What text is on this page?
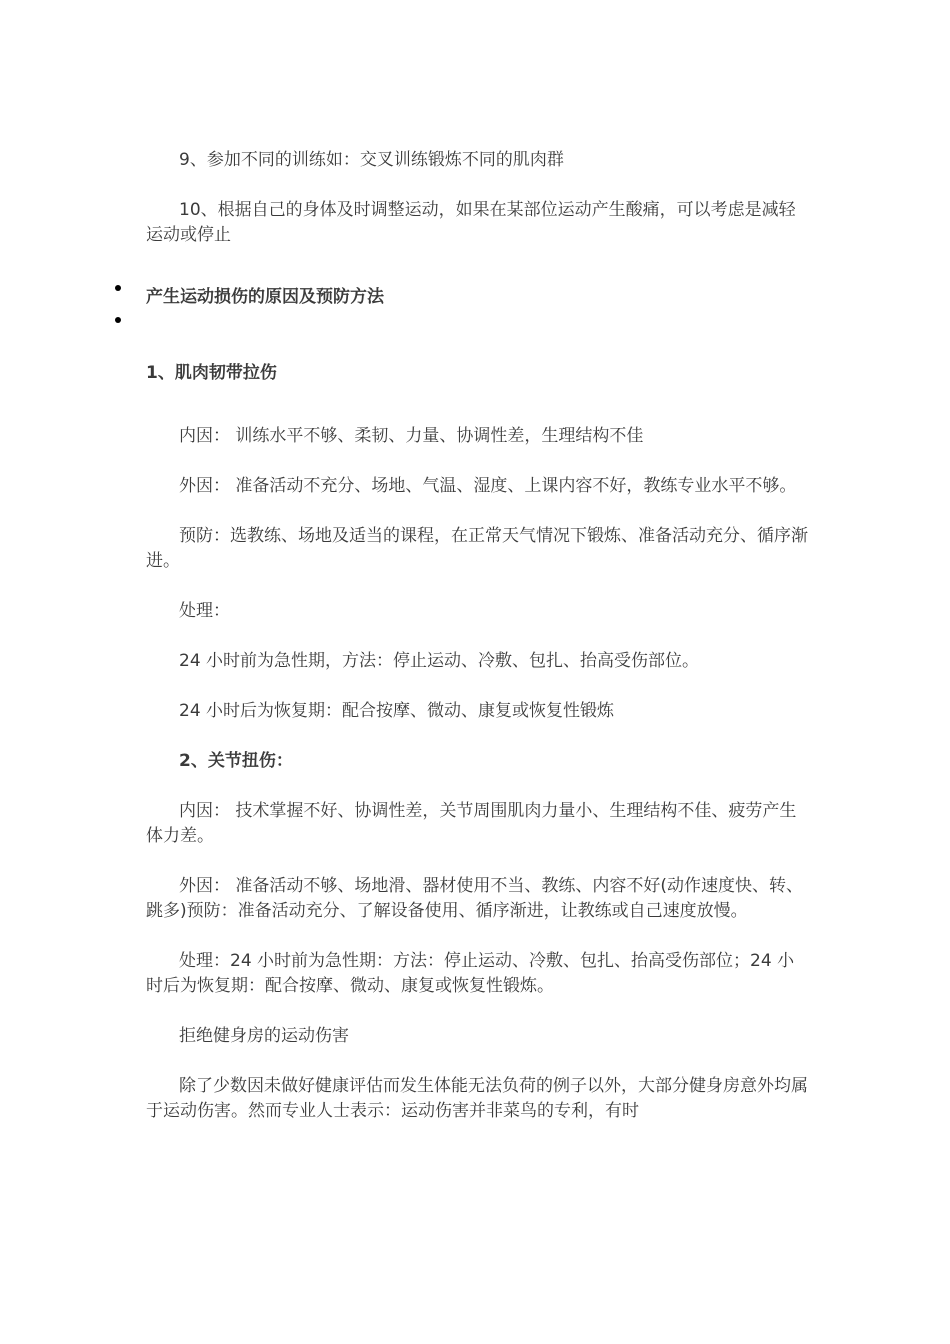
9、参加不同的训练如：交叉训练锻炼不同的肌肉群

10、根据自己的身体及时调整运动，如果在某部位运动产生酸痛，可以考虑是减轻运动或停止

产生运动损伤的原因及预防方法

1、肌肉韧带拉伤

内因： 训练水平不够、柔韧、力量、协调性差，生理结构不佳

外因： 准备活动不充分、场地、气温、湿度、上课内容不好，教练专业水平不够。

预防：选教练、场地及适当的课程，在正常天气情况下锻炼、准备活动充分、循序渐进。

处理：

24 小时前为急性期，方法：停止运动、冷敷、包扎、抬高受伤部位。

24 小时后为恢复期：配合按摩、微动、康复或恢复性锻炼

2、关节扭伤：

内因： 技术掌握不好、协调性差，关节周围肌肉力量小、生理结构不佳、疲劳产生体力差。

外因： 准备活动不够、场地滑、器材使用不当、教练、内容不好(动作速度快、转、跳多)预防：准备活动充分、了解设备使用、循序渐进，让教练或自己速度放慢。

处理：24 小时前为急性期：方法：停止运动、冷敷、包扎、抬高受伤部位；24 小时后为恢复期：配合按摩、微动、康复或恢复性锻炼。

拒绝健身房的运动伤害

除了少数因未做好健康评估而发生体能无法负荷的例子以外，大部分健身房意外均属于运动伤害。然而专业人士表示：运动伤害并非菜鸟的专利，有时
